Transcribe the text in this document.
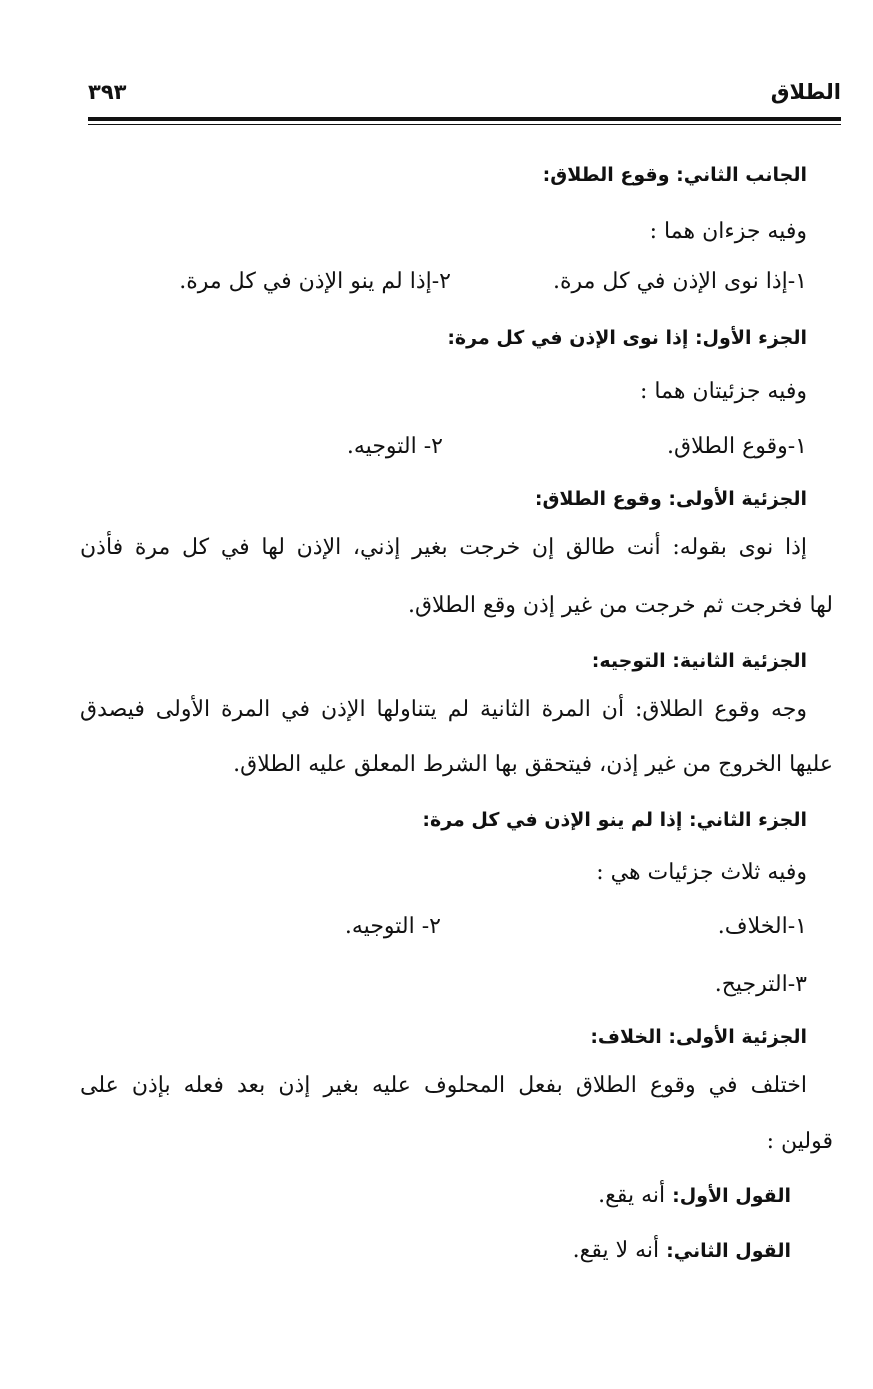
الطلاق
٣٩٣
الجانب الثاني: وقوع الطلاق:
وفيه جزءان هما :
١-إذا نوى الإذن في كل مرة.
٢-إذا لم ينو الإذن في كل مرة.
الجزء الأول: إذا نوى الإذن في كل مرة:
وفيه جزئيتان هما :
١-وقوع الطلاق.
٢- التوجيه.
الجزئية الأولى: وقوع الطلاق:
إذا نوى بقوله: أنت طالق إن خرجت بغير إذني، الإذن لها في كل مرة فأذن
لها فخرجت ثم خرجت من غير إذن وقع الطلاق.
الجزئية الثانية: التوجيه:
وجه وقوع الطلاق: أن المرة الثانية لم يتناولها الإذن في المرة الأولى فيصدق
عليها الخروج من غير إذن، فيتحقق بها الشرط المعلق عليه الطلاق.
الجزء الثاني: إذا لم ينو الإذن في كل مرة:
وفيه ثلاث جزئيات هي :
١-الخلاف.
٢- التوجيه.
٣-الترجيح.
الجزئية الأولى: الخلاف:
اختلف في وقوع الطلاق بفعل المحلوف عليه بغير إذن بعد فعله بإذن على
قولين :
القول الأول: أنه يقع.
القول الثاني: أنه لا يقع.
